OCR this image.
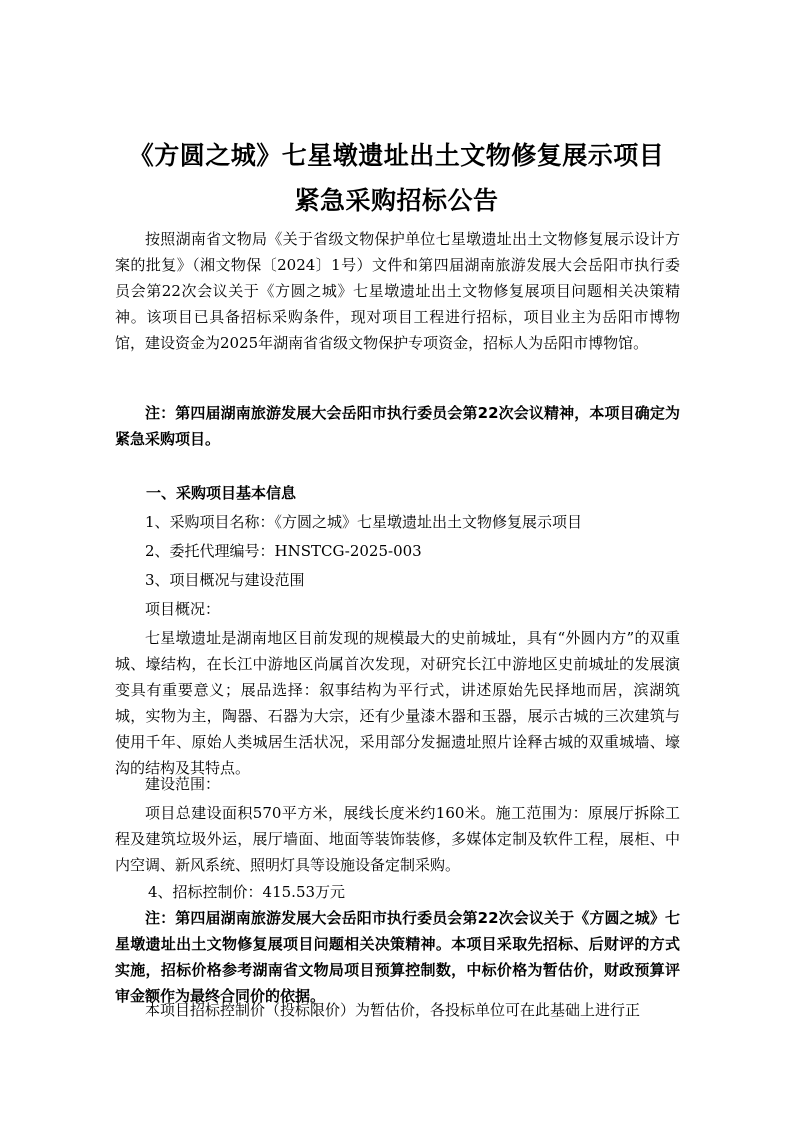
《方圆之城》七星墩遗址出土文物修复展示项目
紧急采购招标公告

按照湖南省文物局《关于省级文物保护单位七星墩遗址出土文物修复展示设计方案的批复》（湘文物保〔2024〕1号）文件和第四届湖南旅游发展大会岳阳市执行委员会第22次会议关于《方圆之城》七星墩遗址出土文物修复展项目问题相关决策精神。该项目已具备招标采购条件，现对项目工程进行招标，项目业主为岳阳市博物馆，建设资金为2025年湖南省省级文物保护专项资金，招标人为岳阳市博物馆。

注：第四届湖南旅游发展大会岳阳市执行委员会第22次会议精神，本项目确定为紧急采购项目。

一、采购项目基本信息

1、采购项目名称：《方圆之城》七星墩遗址出土文物修复展示项目

2、委托代理编号：HNSTCG-2025-003

3、项目概况与建设范围

项目概况：

七星墩遗址是湖南地区目前发现的规模最大的史前城址，具有“外圆内方”的双重城、壕结构，在长江中游地区尚属首次发现，对研究长江中游地区史前城址的发展演变具有重要意义；展品选择：叙事结构为平行式，讲述原始先民择地而居，滨湖筑城，实物为主，陶器、石器为大宗，还有少量漆木器和玉器，展示古城的三次建筑与使用千年、原始人类城居生活状况，采用部分发掘遗址照片诠释古城的双重城墙、壕沟的结构及其特点。

建设范围：

项目总建设面积570平方米，展线长度米约160米。施工范围为：原展厅拆除工程及建筑垃圾外运，展厅墙面、地面等装饰装修，多媒体定制及软件工程，展柜、中内空调、新风系统、照明灯具等设施设备定制采购。

4、招标控制价：415.53万元

注：第四届湖南旅游发展大会岳阳市执行委员会第22次会议关于《方圆之城》七星墩遗址出土文物修复展项目问题相关决策精神。本项目采取先招标、后财评的方式实施，招标价格参考湖南省文物局项目预算控制数，中标价格为暂估价，财政预算评审金额作为最终合同价的依据。

本项目招标控制价（投标限价）为暂估价，各投标单位可在此基础上进行正
